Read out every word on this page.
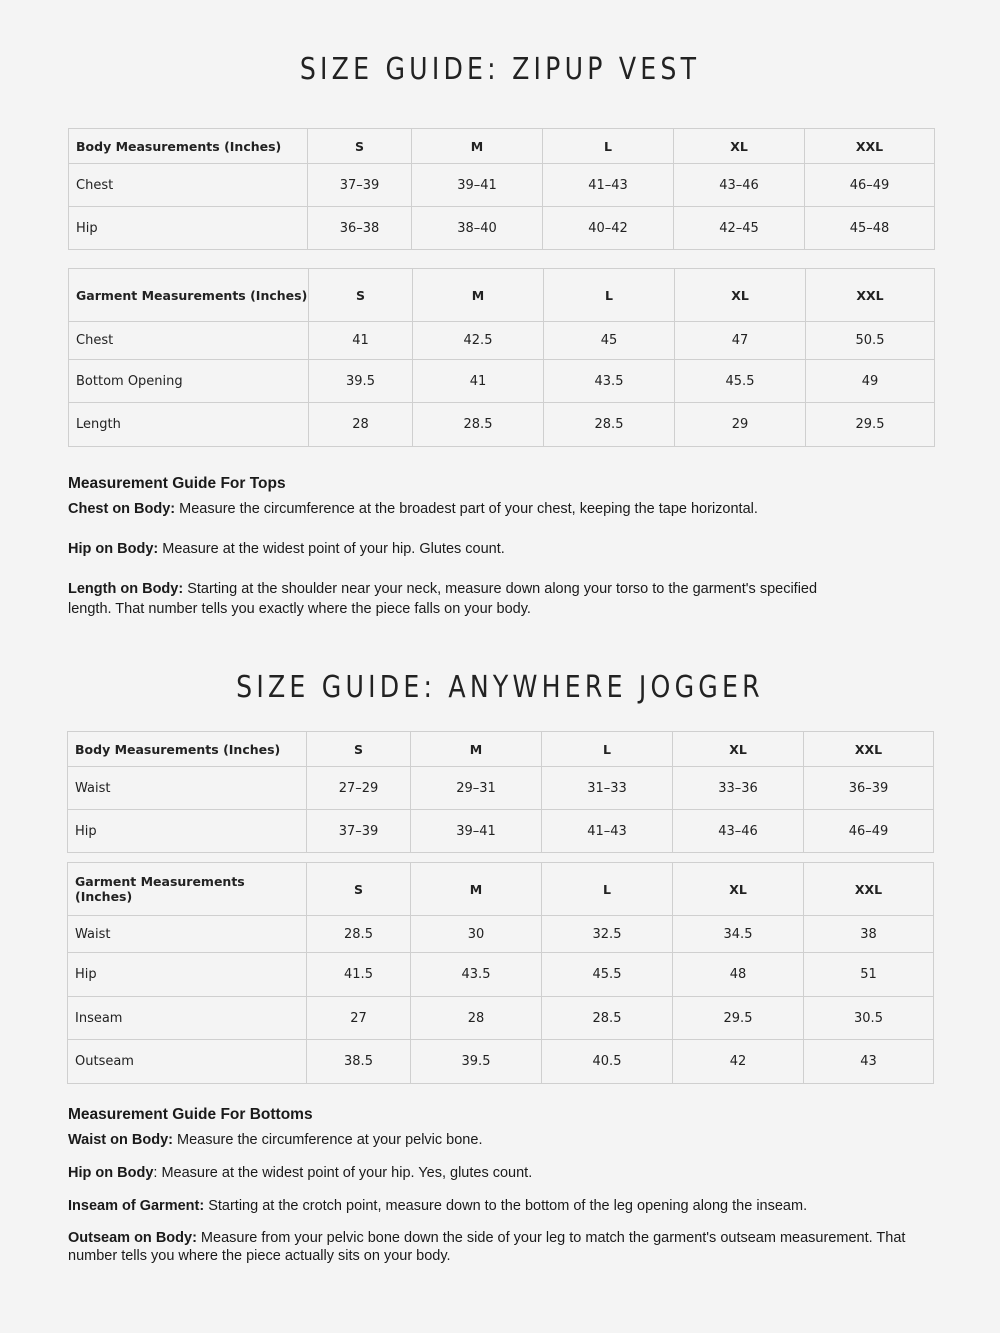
SIZE GUIDE: ZIPUP VEST
Body Measurements (Inches)	S	M	L	XL	XXL
Chest	37–39	39–41	41–43	43–46	46–49
Hip	36–38	38–40	40–42	42–45	45–48
Garment Measurements (Inches)	S	M	L	XL	XXL
Chest	41	42.5	45	47	50.5
Bottom Opening	39.5	41	43.5	45.5	49
Length	28	28.5	28.5	29	29.5
Measurement Guide For Tops

Chest on Body: Measure the circumference at the broadest part of your chest, keeping the tape horizontal.

Hip on Body: Measure at the widest point of your hip. Glutes count.

Length on Body: Starting at the shoulder near your neck, measure down along your torso to the garment's specified length. That number tells you exactly where the piece falls on your body.

SIZE GUIDE: ANYWHERE JOGGER
Body Measurements (Inches)	S	M	L	XL	XXL
Waist	27–29	29–31	31–33	33–36	36–39
Hip	37–39	39–41	41–43	43–46	46–49
Garment Measurements (Inches)	S	M	L	XL	XXL
Waist	28.5	30	32.5	34.5	38
Hip	41.5	43.5	45.5	48	51
Inseam	27	28	28.5	29.5	30.5
Outseam	38.5	39.5	40.5	42	43
Measurement Guide For Bottoms

Waist on Body: Measure the circumference at your pelvic bone.

Hip on Body: Measure at the widest point of your hip. Yes, glutes count.

Inseam of Garment: Starting at the crotch point, measure down to the bottom of the leg opening along the inseam.

Outseam on Body: Measure from your pelvic bone down the side of your leg to match the garment's outseam measurement. That number tells you where the piece actually sits on your body.
